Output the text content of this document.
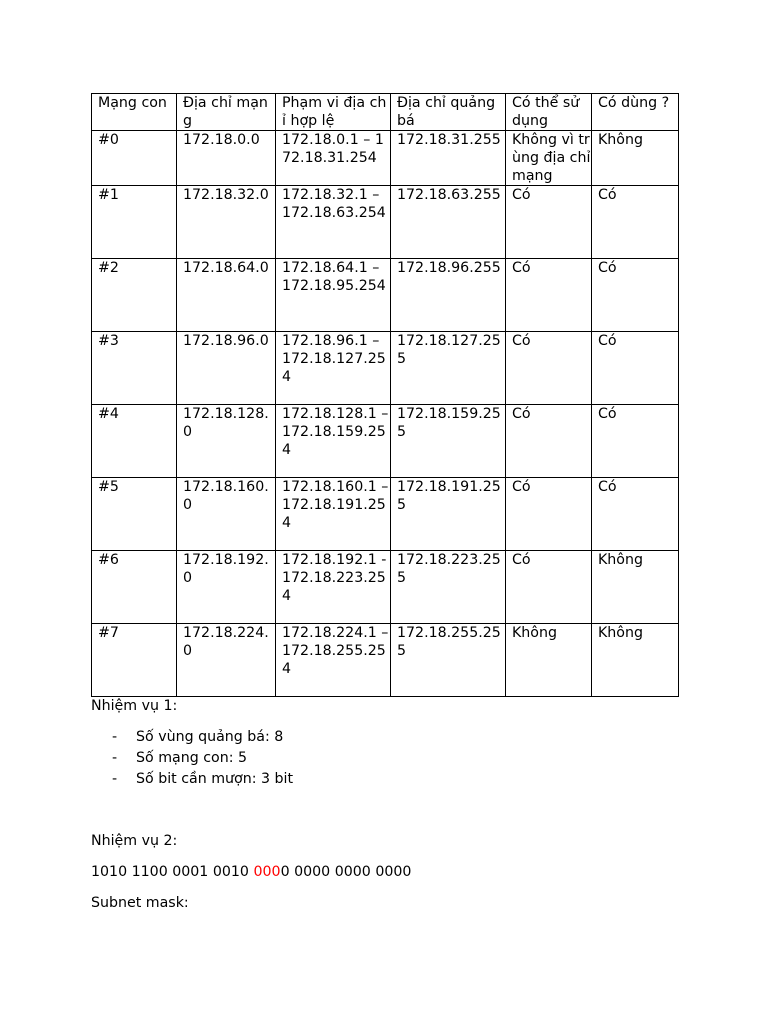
Mạng con	Địa chỉ mạng	Phạm vi địa chỉ hợp lệ	Địa chỉ quảng bá	Có thể sử dụng	Có dùng ?
#0	172.18.0.0	172.18.0.1 – 172.18.31.254	172.18.31.255	Không vì trùng địa chỉ mạng	Không
#1	172.18.32.0	172.18.32.1 – 172.18.63.254	172.18.63.255	Có	Có
#2	172.18.64.0	172.18.64.1 – 172.18.95.254	172.18.96.255	Có	Có
#3	172.18.96.0	172.18.96.1 – 172.18.127.254	172.18.127.255	Có	Có
#4	172.18.128.0	172.18.128.1 – 172.18.159.254	172.18.159.255	Có	Có
#5	172.18.160.0	172.18.160.1 – 172.18.191.254	172.18.191.255	Có	Có
#6	172.18.192.0	172.18.192.1 - 172.18.223.254	172.18.223.255	Có	Không
#7	172.18.224.0	172.18.224.1 – 172.18.255.254	172.18.255.255	Không	Không
Nhiệm vụ 1:
- Số vùng quảng bá: 8
- Số mạng con: 5
- Số bit cần mượn: 3 bit
Nhiệm vụ 2:
1010 1100 0001 0010 0000 0000 0000 0000
Subnet mask:
